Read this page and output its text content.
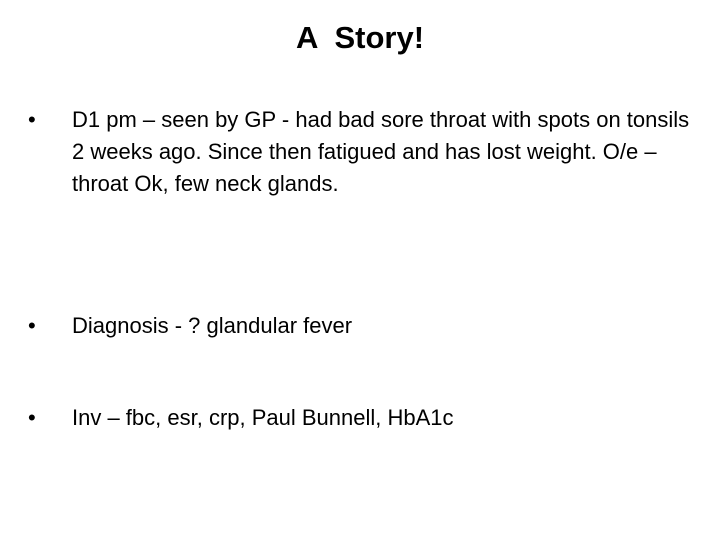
A  Story!
•	D1 pm – seen by GP - had bad sore throat with spots on tonsils 2 weeks ago. Since then fatigued and has lost weight. O/e – throat Ok, few neck glands.
•	Diagnosis - ? glandular fever
•	Inv – fbc, esr, crp, Paul Bunnell, HbA1c
